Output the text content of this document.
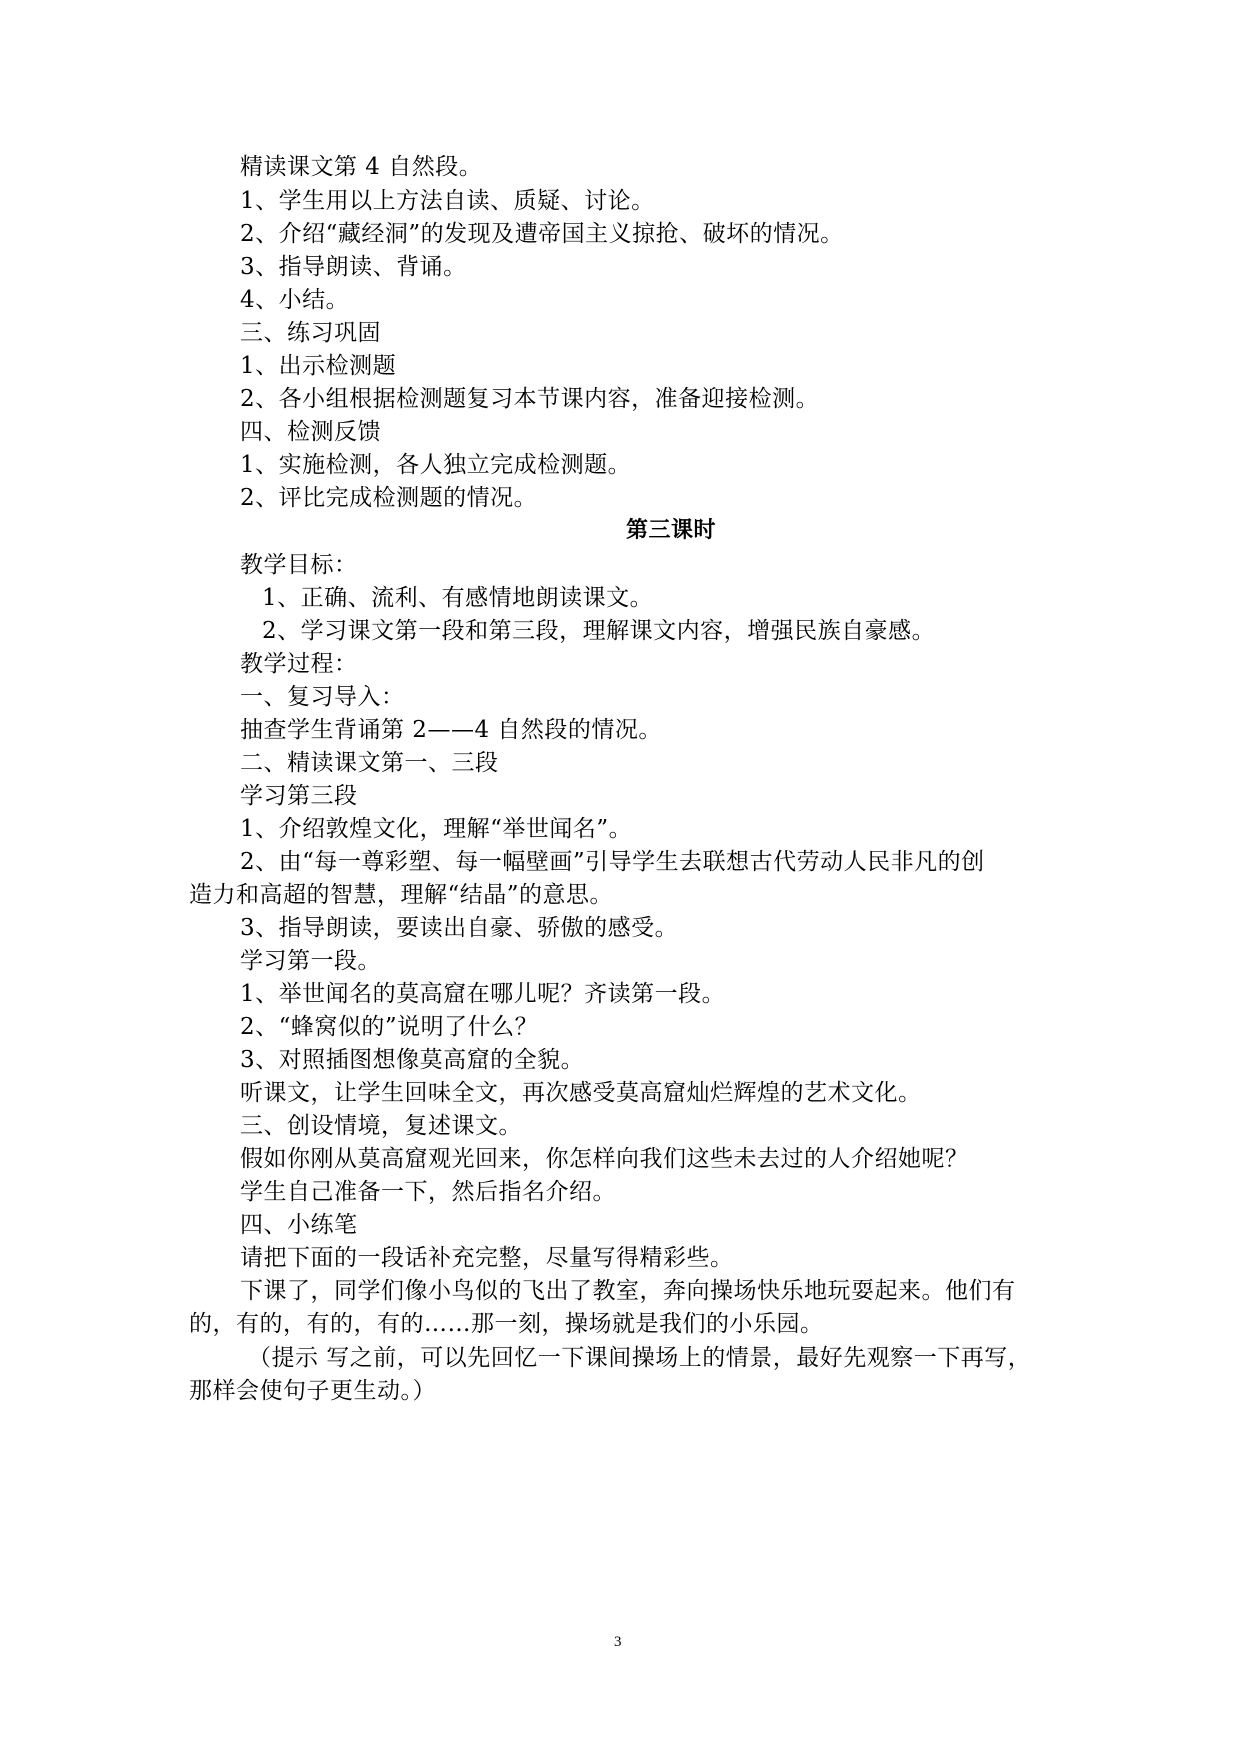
精读课文第 4 自然段。
1、学生用以上方法自读、质疑、讨论。
2、介绍“藏经洞”的发现及遭帝国主义掠抢、破坏的情况。
3、指导朗读、背诵。
4、小结。
三、练习巩固
1、出示检测题
2、各小组根据检测题复习本节课内容，准备迎接检测。
四、检测反馈
1、实施检测，各人独立完成检测题。
2、评比完成检测题的情况。
第三课时
教学目标：
1、正确、流利、有感情地朗读课文。
2、学习课文第一段和第三段，理解课文内容，增强民族自豪感。
教学过程：
一、复习导入：
抽查学生背诵第 2——4 自然段的情况。
二、精读课文第一、三段
学习第三段
1、介绍敦煌文化，理解“举世闻名”。
2、由“每一尊彩塑、每一幅壁画”引导学生去联想古代劳动人民非凡的创
造力和高超的智慧，理解“结晶”的意思。
3、指导朗读，要读出自豪、骄傲的感受。
学习第一段。
1、举世闻名的莫高窟在哪儿呢？齐读第一段。
2、“蜂窝似的”说明了什么？
3、对照插图想像莫高窟的全貌。
听课文，让学生回味全文，再次感受莫高窟灿烂辉煌的艺术文化。
三、创设情境，复述课文。
假如你刚从莫高窟观光回来，你怎样向我们这些未去过的人介绍她呢？
学生自己准备一下，然后指名介绍。
四、小练笔
请把下面的一段话补充完整，尽量写得精彩些。
下课了，同学们像小鸟似的飞出了教室，奔向操场快乐地玩耍起来。他们有
的，有的，有的，有的……那一刻，操场就是我们的小乐园。
（提示 写之前，可以先回忆一下课间操场上的情景，最好先观察一下再写，
那样会使句子更生动。）
3
